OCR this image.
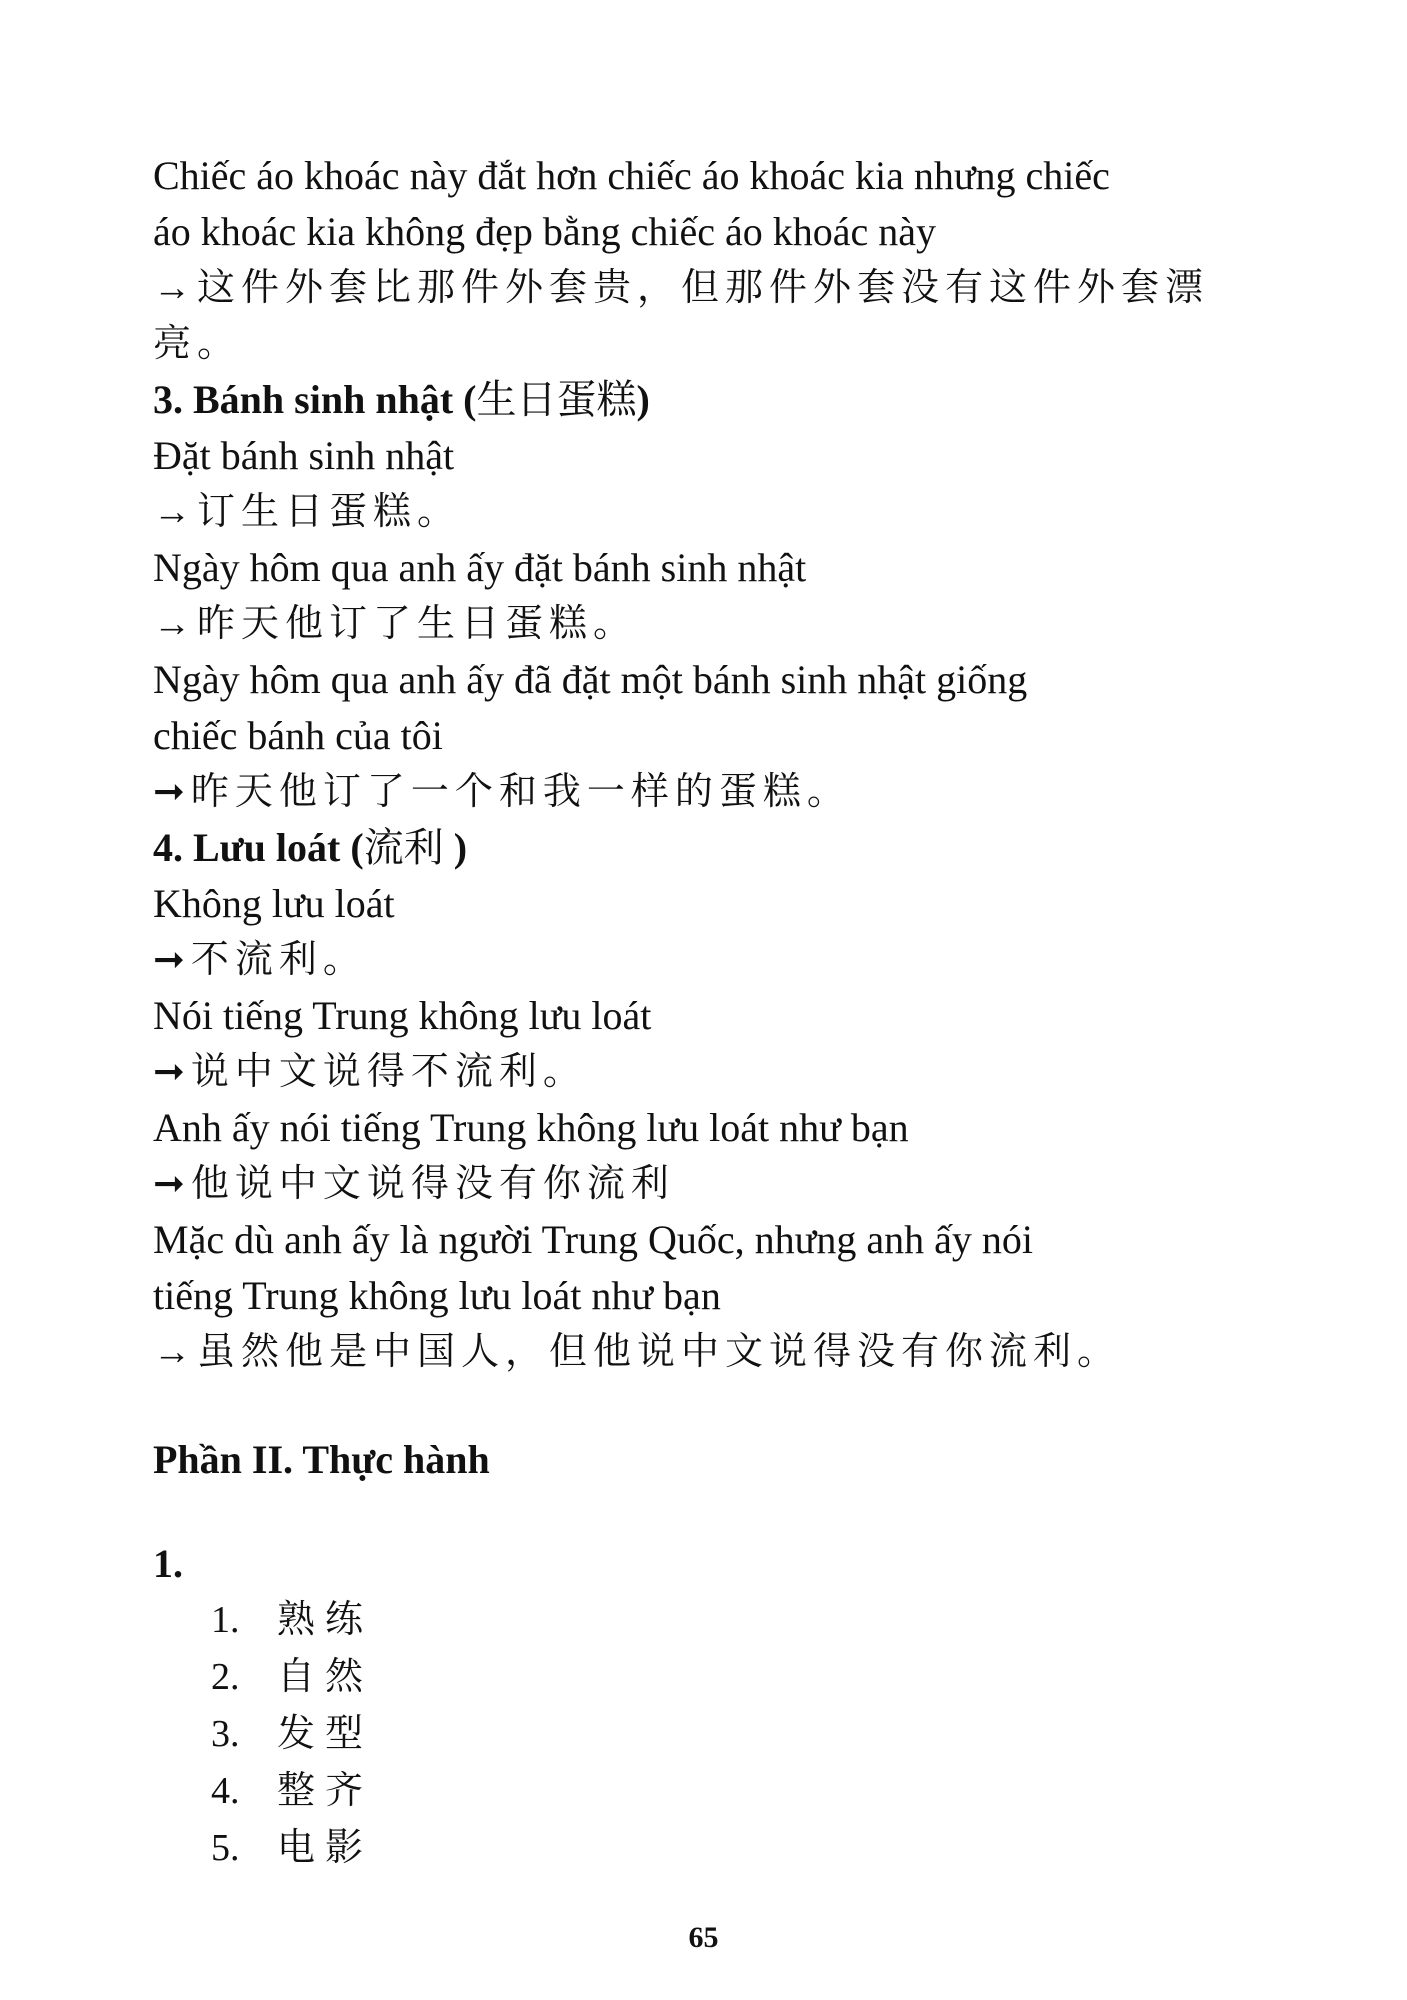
Chiếc áo khoác này đắt hơn chiếc áo khoác kia nhưng chiếc
áo khoác kia không đẹp bằng chiếc áo khoác này
→这件外套比那件外套贵，但那件外套没有这件外套漂
亮。
3. Bánh sinh nhật (生日蛋糕)
Đặt bánh sinh nhật
→订生日蛋糕。
Ngày hôm qua anh ấy đặt bánh sinh nhật
→昨天他订了生日蛋糕。
Ngày hôm qua anh ấy đã đặt một bánh sinh nhật giống
chiếc bánh của tôi
➞昨天他订了一个和我一样的蛋糕。
4. Lưu loát (流利 )
Không lưu loát
➞不流利。
Nói tiếng Trung không lưu loát
➞说中文说得不流利。
Anh ấy nói tiếng Trung không lưu loát như bạn
➞他说中文说得没有你流利
Mặc dù anh ấy là người Trung Quốc, nhưng anh ấy nói
tiếng Trung không lưu loát như bạn
→虽然他是中国人，但他说中文说得没有你流利。
Phần II. Thực hành
1.
1. 熟练
2. 自然
3. 发型
4. 整齐
5. 电影
65
